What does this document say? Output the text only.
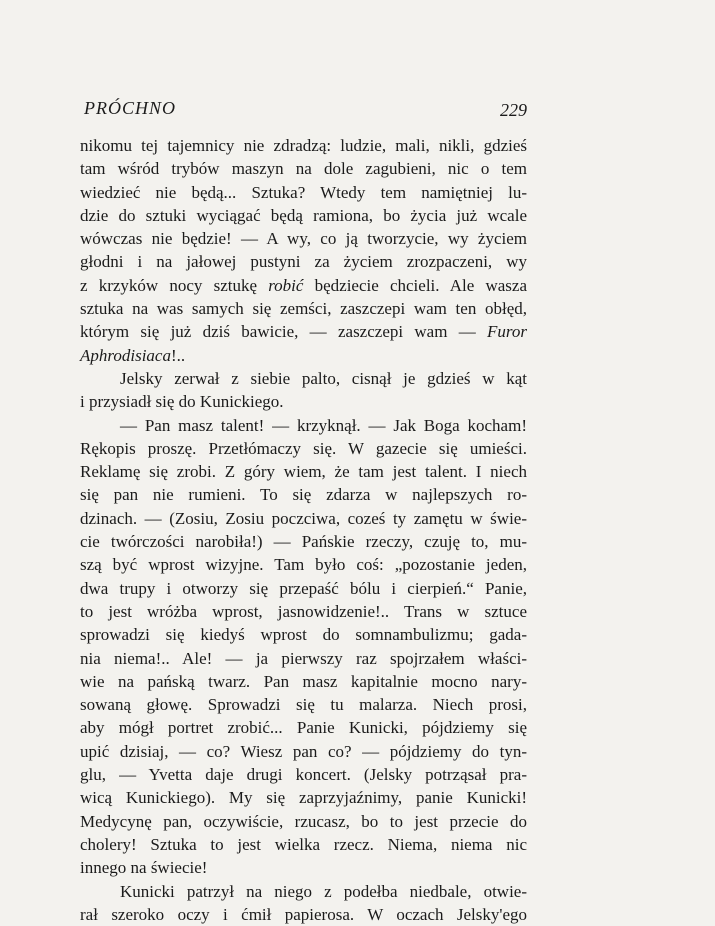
PRÓCHNO	229
nikomu tej tajemnicy nie zdradzą: ludzie, mali, nikli, gdzieś
tam wśród trybów maszyn na dole zagubieni, nic o tem
wiedzieć nie będą... Sztuka? Wtedy tem namiętniej lu-
dzie do sztuki wyciągać będą ramiona, bo życia już wcale
wówczas nie będzie! — A wy, co ją tworzycie, wy życiem
głodni i na jałowej pustyni za życiem zrozpaczeni, wy
z krzyków nocy sztukę robić będziecie chcieli. Ale wasza
sztuka na was samych się zemści, zaszczepi wam ten obłęd,
którym się już dziś bawicie, — zaszczepi wam — Furor
Aphrodisiaca!..
Jelsky zerwał z siebie palto, cisnął je gdzieś w kąt
i przysiadł się do Kunickiego.
— Pan masz talent! — krzyknął. — Jak Boga kocham!
Rękopis proszę. Przetłómaczy się. W gazecie się umieści.
Reklamę się zrobi. Z góry wiem, że tam jest talent. I niech
się pan nie rumieni. To się zdarza w najlepszych ro-
dzinach. — (Zosiu, Zosiu poczciwa, coześ ty zamętu w świe-
cie twórczości narobiła!) — Pańskie rzeczy, czuję to, mu-
szą być wprost wizyjne. Tam było coś: „pozostanie jeden,
dwa trupy i otworzy się przepaść bólu i cierpień.“ Panie,
to jest wróżba wprost, jasnowidzenie!.. Trans w sztuce
sprowadzi się kiedyś wprost do somnambulizmu; gada-
nia niema!.. Ale! — ja pierwszy raz spojrzałem właści-
wie na pańską twarz. Pan masz kapitalnie mocno nary-
sowaną głowę. Sprowadzi się tu malarza. Niech prosi,
aby mógł portret zrobić... Panie Kunicki, pójdziemy się
upić dzisiaj, — co? Wiesz pan co? — pójdziemy do tyn-
glu, — Yvetta daje drugi koncert. (Jelsky potrząsał pra-
wicą Kunickiego). My się zaprzyjaźnimy, panie Kunicki!
Medycynę pan, oczywiście, rzucasz, bo to jest przecie do
cholery! Sztuka to jest wielka rzecz. Niema, niema nic
innego na świecie!
Kunicki patrzył na niego z podełba niedbale, otwie-
rał szeroko oczy i ćmił papierosa. W oczach Jelsky'ego
